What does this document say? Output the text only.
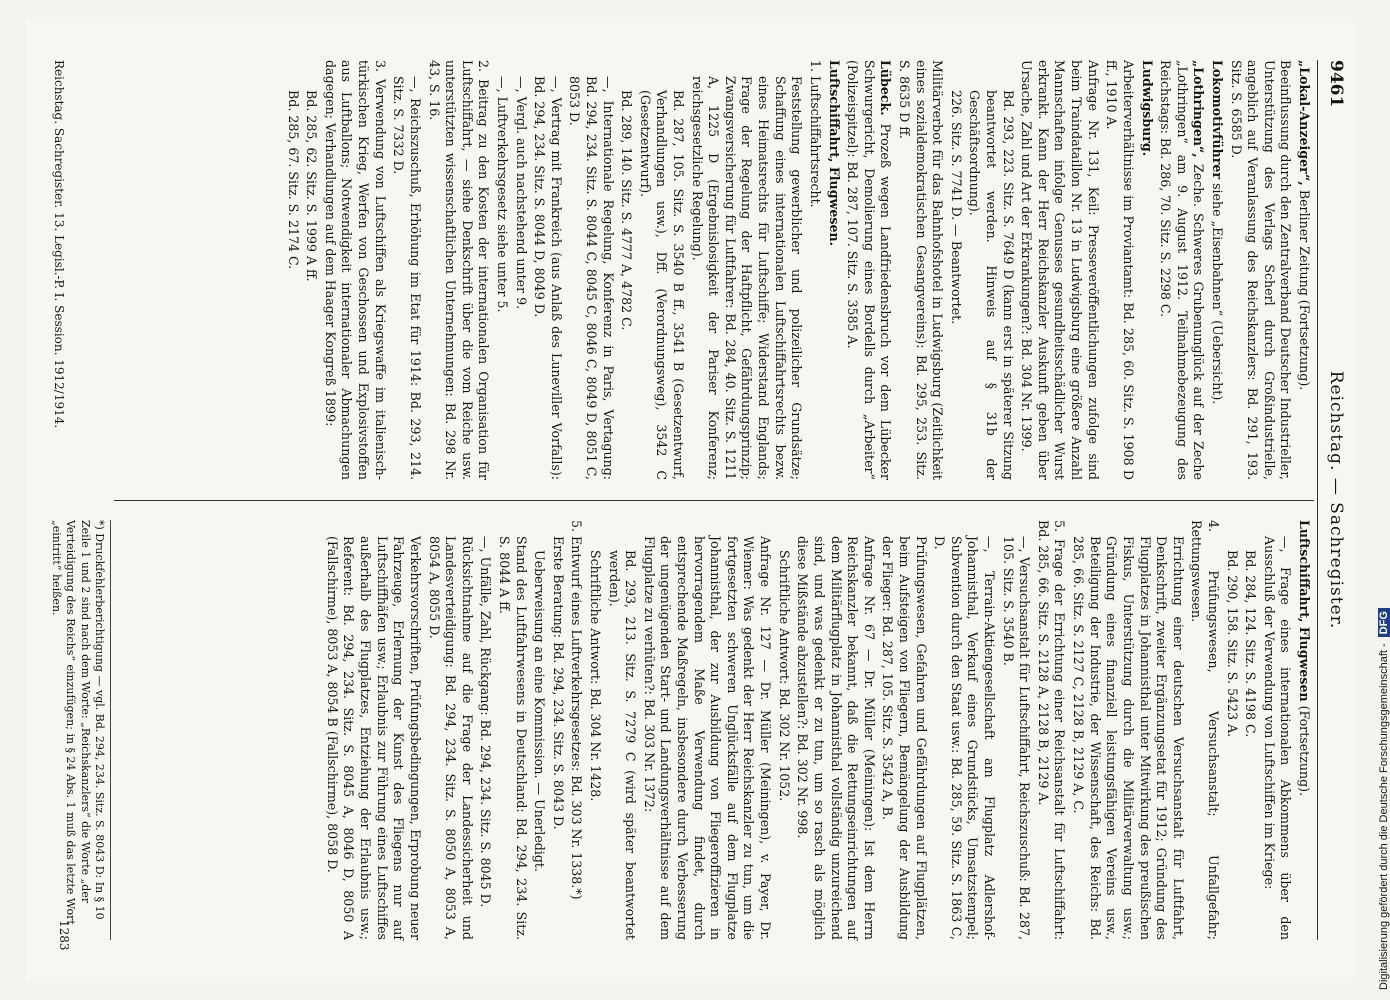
9461
Reichstag. — Sachregister.
„Lokal-Anzeiger“, Berliner Zeitung (Fortsetzung).
Beeinflussung durch den Zentralverband Deutscher Industrieller, Unterstützung des Verlags Scherl durch Großindustrielle, angeblich auf Veranlassung des Reichskanzlers: Bd. 291, 193. Sitz. S. 6585 D.
Lokomotivführer siehe „Eisenbahnen“ (Uebersicht).
„Lothringen“, Zeche. Schweres Grubenunglück auf der Zeche „Lothringen“ am 9. August 1912. Teilnahmebezeugung des Reichstags: Bd. 286, 70. Sitz. S. 2298 C.
Ludwigsburg.
Arbeiterverhältnisse im Proviantamt: Bd. 285, 60. Sitz. S. 1908 D ff., 1910 A.
Anfrage Nr. 131, Keil: Presseveröffentlichungen zufolge sind beim Traindataillon Nr. 13 in Ludwigsburg eine größere Anzahl Mannschaften infolge Genusses gesundheitsschädlicher Wurst erkrankt. Kann der Herr Reichskanzler Auskunft geben über Ursache, Zahl und Art der Erkrankungen?: Bd. 304 Nr. 1399.
Bd. 293, 223. Sitz. S. 7649 D (kann erst in späterer Sitzung beantwortet werden. Hinweis auf § 31b der Geschäftsordnung).
226. Sitz. S. 7741 D. — Beantwortet.
Militärverbot für das Bahnhofshotel in Ludwigsburg (Zeitlichkeit eines sozialdemokratischen Gesangvereins): Bd. 295, 253. Sitz. S. 8635 D ff.
Lübeck. Prozeß wegen Landfriedensbruch vor dem Lübecker Schwurgericht, Demolierung eines Bordells durch „Arbeiter“ (Polizeispitzel): Bd. 287, 107. Sitz. S. 3585 A.
Luftschiffahrt, Flugwesen.
1. Luftschiffahrtsrecht.
Feststellung gewerblicher und polizeilicher Grundsätze; Schaffung eines internationalen Luftschiffahrtsrechts bezw. eines Heimatsrechts für Luftschiffe; Widerstand Englands; Frage der Regelung der Haftpflicht, Gefährdungsprinzip; Zwangsversicherung für Luftfahrer: Bd. 284, 40. Sitz. S. 1211 A, 1225 D (Ergebnislosigkeit der Pariser Konferenz; reichsgesetzliche Regelung).
Bd. 287, 105. Sitz. S. 3540 B ff., 3541 B (Gesetzentwurf, Verhandlungen usw.), Dff. (Verordnungsweg), 3542 C (Gesetzentwurf).
Bd. 289, 140. Sitz. S. 4777 A, 4782 C.
—, Internationale Regelung, Konferenz in Paris, Vertagung: Bd. 294, 234. Sitz. S. 8044 C, 8045 C, 8046 C, 8049 D, 8051 C, 8053 D.
—, Vertrag mit Frankreich (aus Anlaß des Luneviller Vorfalls): Bd. 294, 234. Sitz. S. 8044 D, 8049 D.
—, Vergl. auch nachstehend unter 9.
—, Luftverkehrsgesetz siehe unter 5.
2. Beitrag zu den Kosten der internationalen Organisation für Luftschiffahrt, — siehe Denkschrift über die vom Reiche usw. unterstützten wissenschaftlichen Unternehmungen: Bd. 298 Nr. 43, S. 16.
—, Reichszuschuß, Erhöhung im Etat für 1914: Bd. 293, 214. Sitz. S. 7332 D.
3. Verwendung von Luftschiffen als Kriegswaffe im italienisch-türkischen Krieg, Werfen von Geschossen und Explosivstoffen aus Luftballons; Notwendigkeit internationaler Abmachungen dagegen; Verhandlungen auf dem Haager Kongreß 1899:
Bd. 285, 62. Sitz. S. 1999 A ff.
Bd. 285, 67. Sitz. S. 2174 C.
Luftschiffahrt, Flugwesen (Fortsetzung).
—, Frage eines internationalen Abkommens über den Ausschluß der Verwendung von Luftschiffen im Kriege:
Bd. 284, 124. Sitz. S. 4198 C.
Bd. 290, 158. Sitz. S. 5423 A.
4. Prüfungswesen, Versuchsanstalt; Unfallgefahr; Rettungswesen.
Errichtung einer deutschen Versuchsanstalt für Luftfahrt, Denkschrift, zweiter Ergänzungsetat für 1912; Gründung des Flugplatzes in Johannisthal unter Mitwirkung des preußischen Fiskus, Unterstützung durch die Militärverwaltung usw.; Gründung eines finanziell leistungsfähigen Vereins usw., Beteiligung der Industrie, der Wissenschaft, des Reichs: Bd. 285, 66. Sitz. S. 2127 C, 2128 B, 2129 A, C.
5. Frage der Errichtung einer Reichsanstalt für Luftschiffahrt: Bd. 285, 66. Sitz. S. 2128 A, 2128 B, 2129 A.
—, Versuchsanstalt für Luftschiffahrt, Reichszuschuß: Bd. 287, 105. Sitz. S. 3540 B.
—, Terrain-Aktiengesellschaft am Flugplatz Adlershof-Johannisthal, Verkauf eines Grundstücks, Umsatzstempel; Subvention durch den Staat usw.: Bd. 285, 59. Sitz. S. 1863 C, D.
Prüfungswesen, Gefahren und Gefährdungen auf Flugplätzen, beim Aufsteigen von Fliegern, Bemängelung der Ausbildung der Flieger: Bd. 287, 105. Sitz. S. 3542 A, B.
Anfrage Nr. 67 — Dr. Müller (Meiningen): Ist dem Herrn Reichskanzler bekannt, daß die Rettungseinrichtungen auf dem Militärflugplatz in Johannisthal vollständig unzureichend sind, und was gedenkt er zu tun, um so rasch als möglich diese Mißstände abzustellen?: Bd. 302 Nr. 998.
Schriftliche Antwort: Bd. 302 Nr. 1052.
Anfrage Nr. 127 — Dr. Müller (Meiningen), v. Payer, Dr. Wiemer: Was gedenkt der Herr Reichskanzler zu tun, um die fortgesetzten schweren Unglücksfälle auf dem Flugplatze Johannisthal, der zur Ausbildung von Fliegeroffizieren in hervorragendem Maße Verwendung findet, durch entsprechende Maßregeln, insbesondere durch Verbesserung der ungenügenden Start- und Landungsverhältnisse auf dem Flugplatze zu verhüten?: Bd. 303 Nr. 1372:
Bd. 293, 213. Sitz. S. 7279 C (wird später beantwortet werden).
Schriftliche Antwort: Bd. 304 Nr. 1428.
5. Entwurf eines Luftverkehrsgesetzes: Bd. 303 Nr. 1338.*)
Erste Beratung: Bd. 294, 234. Sitz. S. 8043 D.
Ueberweisung an eine Kommission. — Unerledigt.
Stand des Luftfahrwesens in Deutschland: Bd. 294, 234. Sitz. S. 8044 A ff.
—, Unfälle, Zahl, Rückgang: Bd. 294, 234. Sitz. S. 8045 D.
Rücksichtnahme auf die Frage der Landessicherheit und Landesverteidigung: Bd. 294, 234. Sitz. S. 8050 A, 8053 A, 8054 A, 8055 D.
Verkehrsvorschriften, Prüfungsbedingungen, Erprobung neuer Fahrzeuge, Erlernung der Kunst des Fliegens nur auf Luftschiffhäfen usw.; Erlaubnis zur Führung eines Luftschiffes außerhalb des Flugplatzes, Entziehung der Erlaubnis usw.; Referent: Bd. 294, 234. Sitz. S. 8045 A, 8046 D, 8050 A (Fallschirme), 8053 A, 8054 B (Fallschirme), 8058 D.
*) Druckfehlerberichtigung — vgl. Bd. 294, 234. Sitz. S. 8043 D: In § 10 Zeile 1 und 2 sind nach dem Worte: „Reichskanzlers“ die Worte „der Verteidigung des Reichs“ einzufügen; in § 24 Abs. 1 muß das letzte Wort „eintritt“ heißen.
1283
Reichstag. Sachregister. 13. Legisl.-P. I. Session. 1912/1914.
Digitalisierung gefördert durch die Deutsche Forschungsgemeinschaft -DFG
